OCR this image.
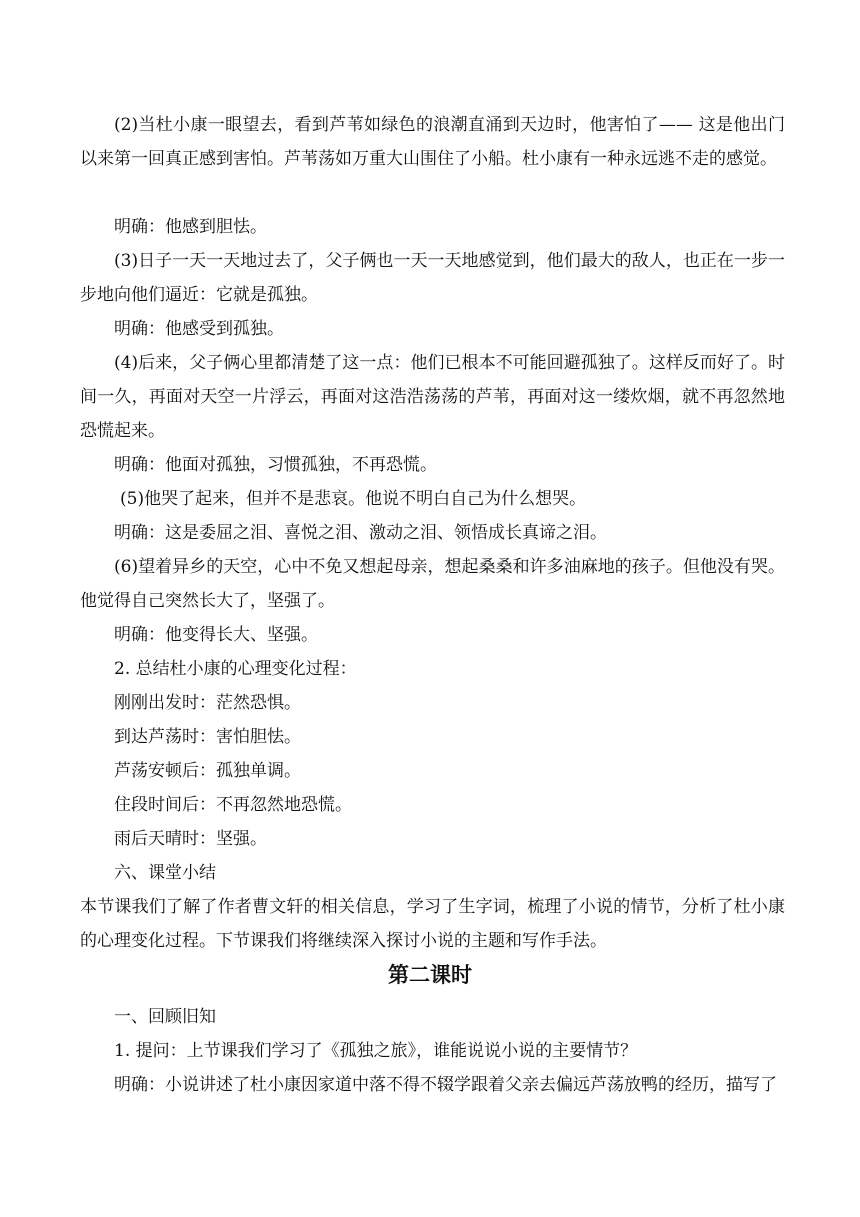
(2)当杜小康一眼望去，看到芦苇如绿色的浪潮直涌到天边时，他害怕了—— 这是他出门以来第一回真正感到害怕。芦苇荡如万重大山围住了小船。杜小康有一种永远逃不走的感觉。

明确：他感到胆怯。

(3)日子一天一天地过去了，父子俩也一天一天地感觉到，他们最大的敌人，也正在一步一步地向他们逼近：它就是孤独。

明确：他感受到孤独。

(4)后来，父子俩心里都清楚了这一点：他们已根本不可能回避孤独了。这样反而好了。时间一久，再面对天空一片浮云，再面对这浩浩荡荡的芦苇，再面对这一缕炊烟，就不再忽然地恐慌起来。

明确：他面对孤独，习惯孤独，不再恐慌。

(5)他哭了起来，但并不是悲哀。他说不明白自己为什么想哭。

明确：这是委屈之泪、喜悦之泪、激动之泪、领悟成长真谛之泪。

(6)望着异乡的天空，心中不免又想起母亲，想起桑桑和许多油麻地的孩子。但他没有哭。他觉得自己突然长大了，坚强了。

明确：他变得长大、坚强。

2. 总结杜小康的心理变化过程：

刚刚出发时：茫然恐惧。

到达芦荡时：害怕胆怯。

芦荡安顿后：孤独单调。

住段时间后：不再忽然地恐慌。

雨后天晴时：坚强。

六、课堂小结

本节课我们了解了作者曹文轩的相关信息，学习了生字词，梳理了小说的情节，分析了杜小康的心理变化过程。下节课我们将继续深入探讨小说的主题和写作手法。

第二课时

一、回顾旧知

1. 提问：上节课我们学习了《孤独之旅》，谁能说说小说的主要情节？

明确：小说讲述了杜小康因家道中落不得不辍学跟着父亲去偏远芦荡放鸭的经历，描写了
